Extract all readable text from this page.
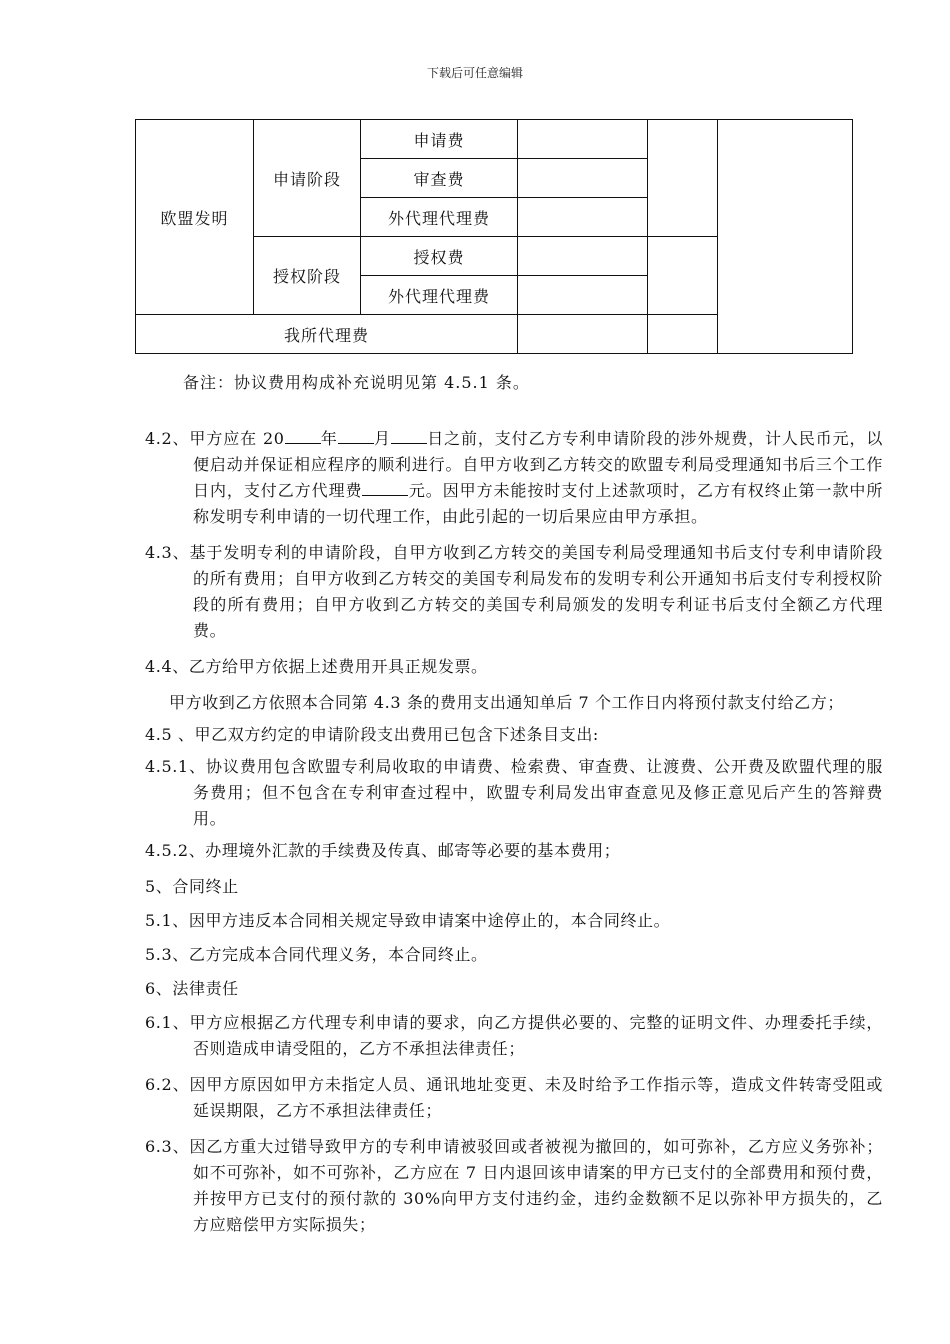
下载后可任意编辑
欧盟发明	申请阶段	申请费			
		审查费			
		外代理代理费			
	授权阶段	授权费			
		外代理代理费			
我所代理费					
备注：协议费用构成补充说明见第 4.5.1 条。

4.2、甲方应在 20 年 月 日之前，支付乙方专利申请阶段的涉外规费，计人民币元，以便启动并保证相应程序的顺利进行。自甲方收到乙方转交的欧盟专利局受理通知书后三个工作日内，支付乙方代理费	元。因甲方未能按时支付上述款项时，乙方有权终止第一款中所称发明专利申请的一切代理工作，由此引起的一切后果应由甲方承担。

4.3、基于发明专利的申请阶段，自甲方收到乙方转交的美国专利局受理通知书后支付专利申请阶段的所有费用；自甲方收到乙方转交的美国专利局发布的发明专利公开通知书后支付专利授权阶段的所有费用；自甲方收到乙方转交的美国专利局颁发的发明专利证书后支付全额乙方代理费。

4.4、乙方给甲方依据上述费用开具正规发票。

甲方收到乙方依照本合同第 4.3 条的费用支出通知单后 7 个工作日内将预付款支付给乙方；

4.5 、甲乙双方约定的申请阶段支出费用已包含下述条目支出:

4.5.1、协议费用包含欧盟专利局收取的申请费、检索费、审查费、让渡费、公开费及欧盟代理的服务费用；但不包含在专利审查过程中，欧盟专利局发出审查意见及修正意见后产生的答辩费用。

4.5.2、办理境外汇款的手续费及传真、邮寄等必要的基本费用；

5、合同终止

5.1、因甲方违反本合同相关规定导致申请案中途停止的，本合同终止。

5.3、乙方完成本合同代理义务，本合同终止。

6、法律责任

6.1、甲方应根据乙方代理专利申请的要求，向乙方提供必要的、完整的证明文件、办理委托手续，否则造成申请受阻的，乙方不承担法律责任；

6.2、因甲方原因如甲方未指定人员、通讯地址变更、未及时给予工作指示等，造成文件转寄受阻或延误期限，乙方不承担法律责任；

6.3、因乙方重大过错导致甲方的专利申请被驳回或者被视为撤回的，如可弥补，乙方应义务弥补；如不可弥补，如不可弥补，乙方应在 7 日内退回该申请案的甲方已支付的全部费用和预付费，并按甲方已支付的预付款的 30%向甲方支付违约金，违约金数额不足以弥补甲方损失的，乙方应赔偿甲方实际损失；
